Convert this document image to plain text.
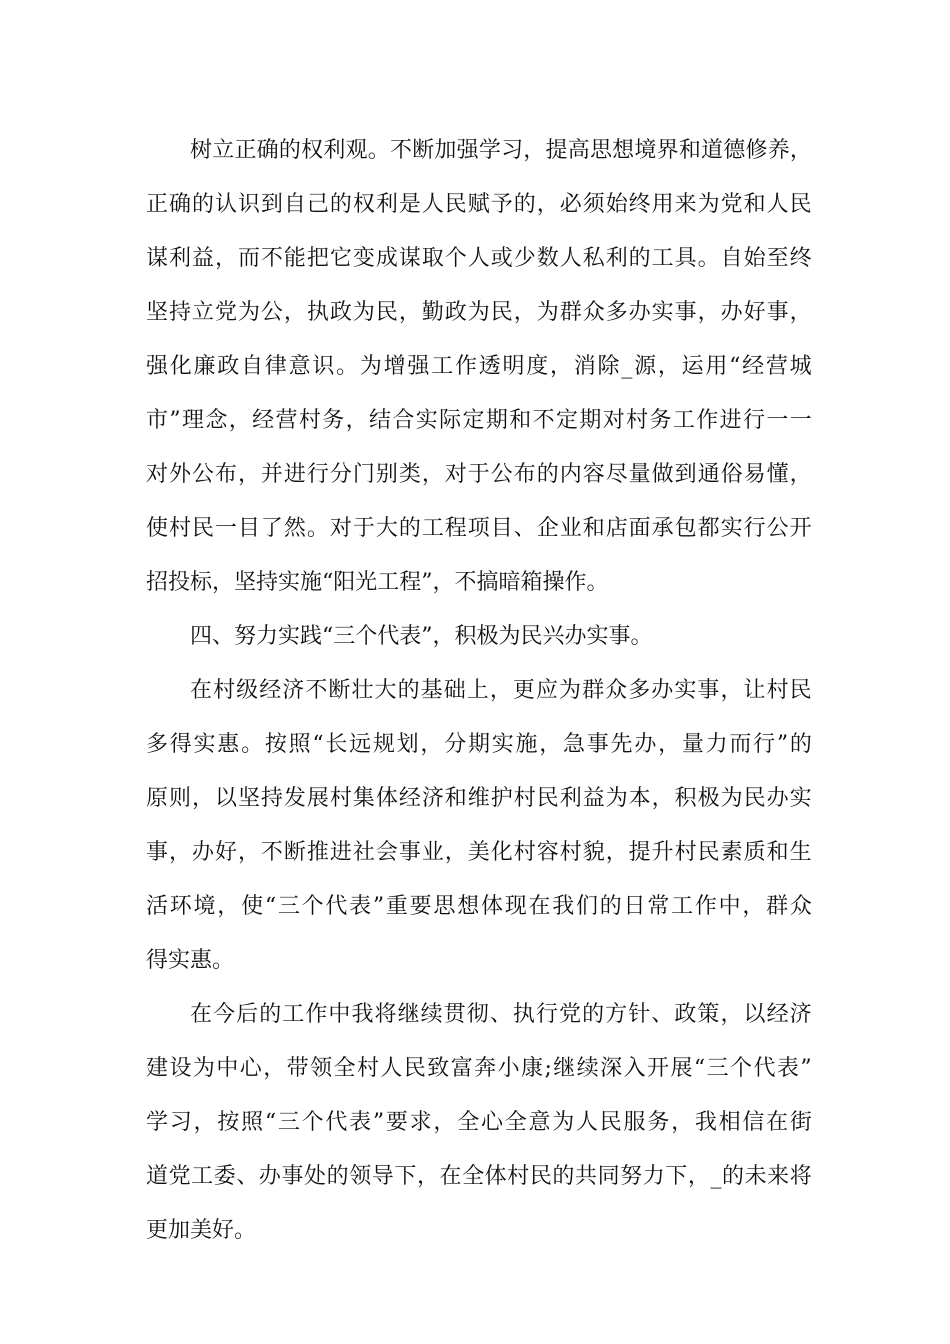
树 立 正 确 的 权 利 观 。 不 断 加 强 学 习 ， 提 高 思 想 境 界 和 道 德 修 养 ，
正 确 的 认 识 到 自 己 的 权 利 是 人 民 赋 予 的 ， 必 须 始 终 用 来 为 党 和 人 民
谋 利 益 ， 而 不 能 把 它 变 成 谋 取 个 人 或 少 数 人 私 利 的 工 具 。 自 始 至 终
坚 持 立 党 为 公 ， 执 政 为 民 ， 勤 政 为 民 ， 为 群 众 多 办 实 事 ， 办 好 事 ，
强 化 廉 政 自 律 意 识 。 为 增 强 工 作 透 明 度 ， 消 除 _ 源 ， 运 用 “ 经 营 城
市 ” 理 念 ， 经 营 村 务 ， 结 合 实 际 定 期 和 不 定 期 对 村 务 工 作 进 行 一 一
对 外 公 布 ， 并 进 行 分 门 别 类 ， 对 于 公 布 的 内 容 尽 量 做 到 通 俗 易 懂 ，
使 村 民 一 目 了 然 。 对 于 大 的 工 程 项 目 、 企 业 和 店 面 承 包 都 实 行 公 开
招投标，坚持实施“阳光工程”，不搞暗箱操作。
四、努力实践“三个代表”，积极为民兴办实事。
在 村 级 经 济 不 断 壮 大 的 基 础 上 ， 更 应 为 群 众 多 办 实 事 ， 让 村 民
多 得 实 惠 。 按 照 “ 长 远 规 划 ， 分 期 实 施 ， 急 事 先 办 ， 量 力 而 行 ” 的
原 则 ， 以 坚 持 发 展 村 集 体 经 济 和 维 护 村 民 利 益 为 本 ， 积 极 为 民 办 实
事 ， 办 好 ， 不 断 推 进 社 会 事 业 ， 美 化 村 容 村 貌 ， 提 升 村 民 素 质 和 生
活 环 境 ， 使 “ 三 个 代 表 ” 重 要 思 想 体 现 在 我 们 的 日 常 工 作 中 ， 群 众
得实惠。
在 今 后 的 工 作 中 我 将 继 续 贯 彻 、 执 行 党 的 方 针 、 政 策 ， 以 经 济
建 设 为 中 心 ， 带 领 全 村 人 民 致 富 奔 小 康 ; 继 续 深 入 开 展 “ 三 个 代 表 ”
学 习 ， 按 照 “ 三 个 代 表 ” 要 求 ， 全 心 全 意 为 人 民 服 务 ， 我 相 信 在 街
道 党 工 委 、 办 事 处 的 领 导 下 ， 在 全 体 村 民 的 共 同 努 力 下 ， _ 的 未 来 将
更加美好。
